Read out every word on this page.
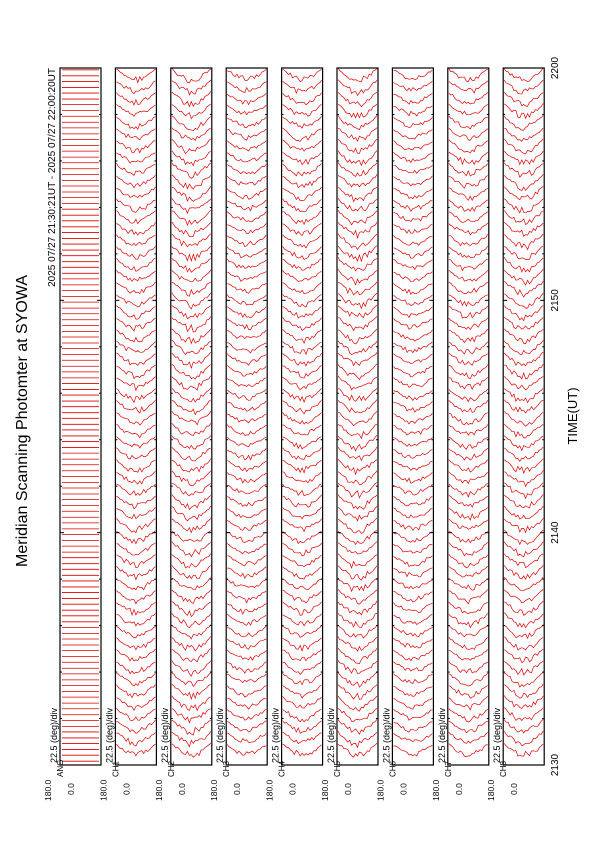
Meridian Scanning Photomter at SYOWA
2025 07/27 21:30:21UT - 2025 07/27 22:00:20UT
TIME(UT)
180.0 0.0
ANG
22.5 (deg)/div
180.0 0.0
CH1
22.5 (deg)/div
180.0 0.0
CH2
22.5 (deg)/div
180.0 0.0
CH3
22.5 (deg)/div
180.0 0.0
CH4
22.5 (deg)/div
180.0 0.0
CH5
22.5 (deg)/div
180.0 0.0
CH6
22.5 (deg)/div
180.0 0.0
CH7
22.5 (deg)/div
180.0 0.0
CH8
22.5 (deg)/div
2130
2140
2150
2200
